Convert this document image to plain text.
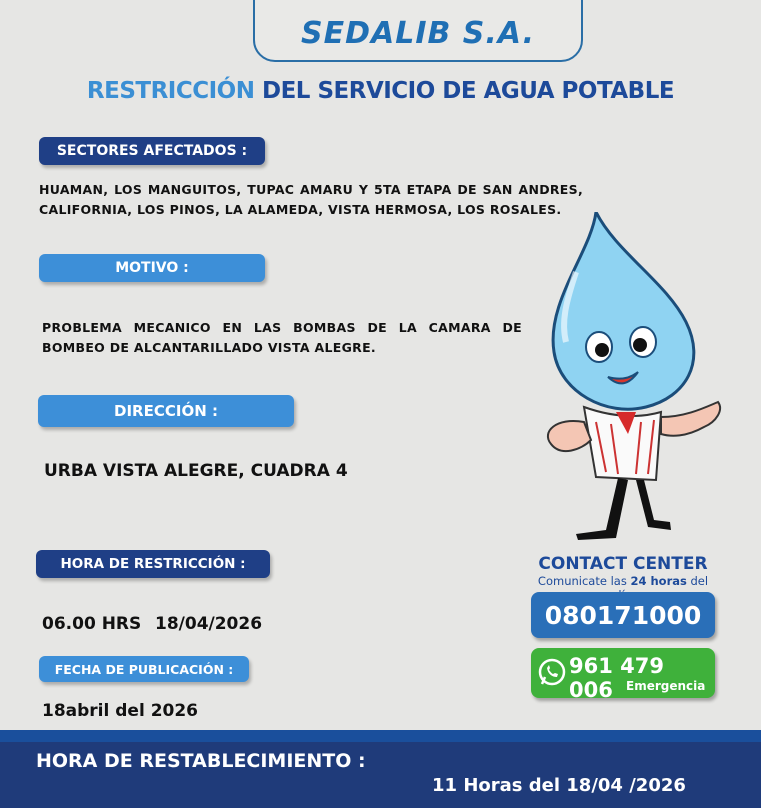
SEDALIB S.A.
RESTRICCIÓN DEL SERVICIO DE AGUA POTABLE
SECTORES AFECTADOS :
HUAMAN, LOS MANGUITOS, TUPAC AMARU Y 5TA ETAPA DE SAN ANDRES, CALIFORNIA, LOS PINOS, LA ALAMEDA, VISTA HERMOSA, LOS ROSALES.
MOTIVO :
PROBLEMA MECANICO EN LAS BOMBAS DE LA CAMARA DE BOMBEO DE ALCANTARILLADO VISTA ALEGRE.
DIRECCIÓN :
URBA VISTA ALEGRE, CUADRA 4
HORA DE RESTRICCIÓN :
06.00 HRS 18/04/2026
FECHA DE PUBLICACIÓN :
18abril del 2026
CONTACT CENTER
Comunicate las 24 horas del
080171000
961 479 006	Emergencia
HORA DE RESTABLECIMIENTO :
11 Horas del 18/04 /2026
